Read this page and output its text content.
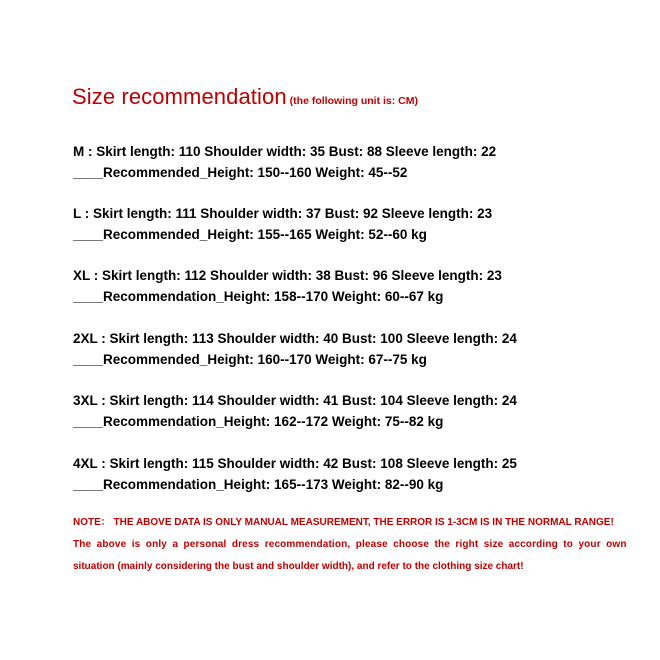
Size recommendation (the following unit is: CM)
M : Skirt length: 110 Shoulder width: 35 Bust: 88 Sleeve length: 22
____Recommended_Height: 150--160 Weight: 45--52
L : Skirt length: 111 Shoulder width: 37 Bust: 92 Sleeve length: 23
____Recommended_Height: 155--165 Weight: 52--60 kg
XL : Skirt length: 112 Shoulder width: 38 Bust: 96 Sleeve length: 23
____Recommendation_Height: 158--170 Weight: 60--67 kg
2XL : Skirt length: 113 Shoulder width: 40 Bust: 100 Sleeve length: 24
____Recommended_Height: 160--170 Weight: 67--75 kg
3XL : Skirt length: 114 Shoulder width: 41 Bust: 104 Sleeve length: 24
____Recommendation_Height: 162--172 Weight: 75--82 kg
4XL : Skirt length: 115 Shoulder width: 42 Bust: 108 Sleeve length: 25
____Recommendation_Height: 165--173 Weight: 82--90 kg
NOTE： THE ABOVE DATA IS ONLY MANUAL MEASUREMENT, THE ERROR IS 1-3CM IS IN THE NORMAL RANGE!
The above is only a personal dress recommendation, please choose the right size according to your own
situation (mainly considering the bust and shoulder width), and refer to the clothing size chart!
